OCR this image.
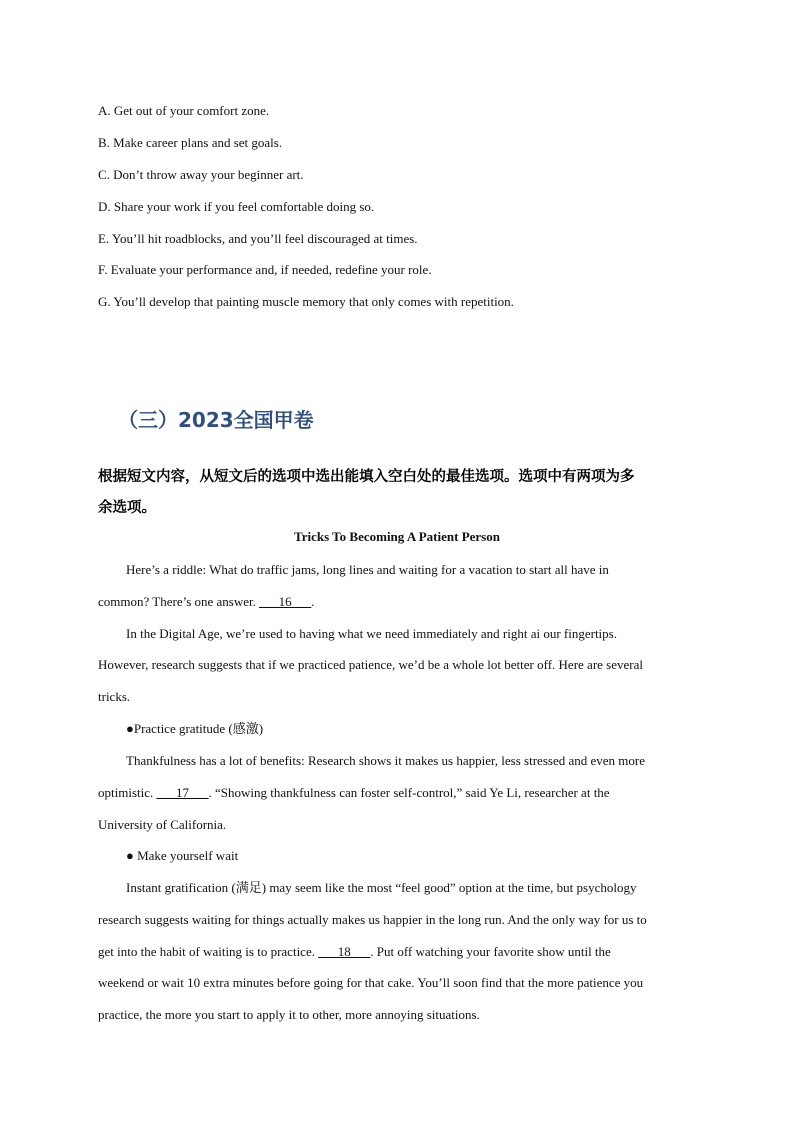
A. Get out of your comfort zone.
B. Make career plans and set goals.
C. Don’t throw away your beginner art.
D. Share your work if you feel comfortable doing so.
E. You’ll hit roadblocks, and you’ll feel discouraged at times.
F. Evaluate your performance and, if needed, redefine your role.
G. You’ll develop that painting muscle memory that only comes with repetition.
（三）2023全国甲卷
根据短文内容，从短文后的选项中选出能填入空白处的最佳选项。选项中有两项为多
余选项。
Tricks To Becoming A Patient Person
Here’s a riddle: What do traffic jams, long lines and waiting for a vacation to start all have in
common? There’s one answer. ___16___.
In the Digital Age, we’re used to having what we need immediately and right ai our fingertips.
However, research suggests that if we practiced patience, we’d be a whole lot better off. Here are several
tricks.
●Practice gratitude (感激)
Thankfulness has a lot of benefits: Research shows it makes us happier, less stressed and even more
optimistic. ___17___. “Showing thankfulness can foster self-control,” said Ye Li, researcher at the
University of California.
● Make yourself wait
Instant gratification (满足) may seem like the most “feel good” option at the time, but psychology
research suggests waiting for things actually makes us happier in the long run. And the only way for us to
get into the habit of waiting is to practice. ___18___. Put off watching your favorite show until the
weekend or wait 10 extra minutes before going for that cake. You’ll soon find that the more patience you
practice, the more you start to apply it to other, more annoying situations.
